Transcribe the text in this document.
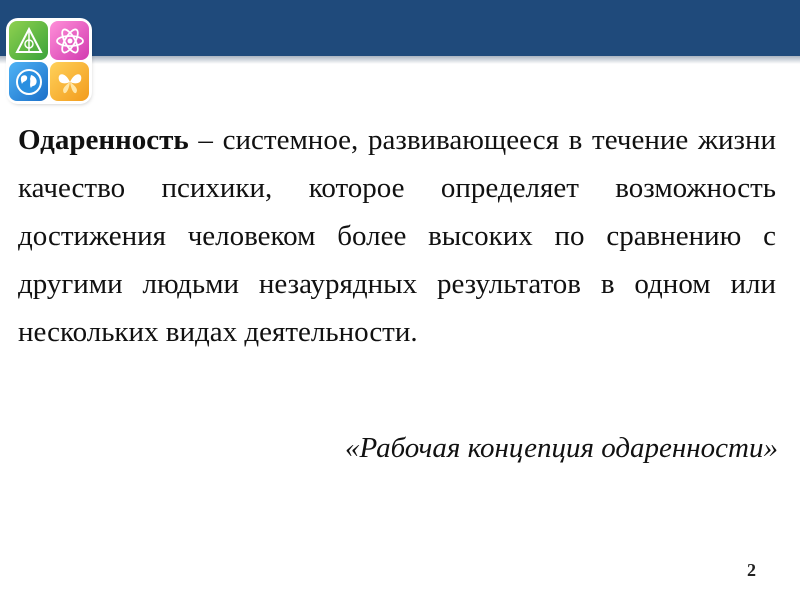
Одаренность – системное, развивающееся в течение жизни качество психики, которое определяет возможность достижения человеком более высоких по сравнению с другими людьми незаурядных результатов в одном или нескольких видах деятельности.
«Рабочая концепция одаренности»
2
